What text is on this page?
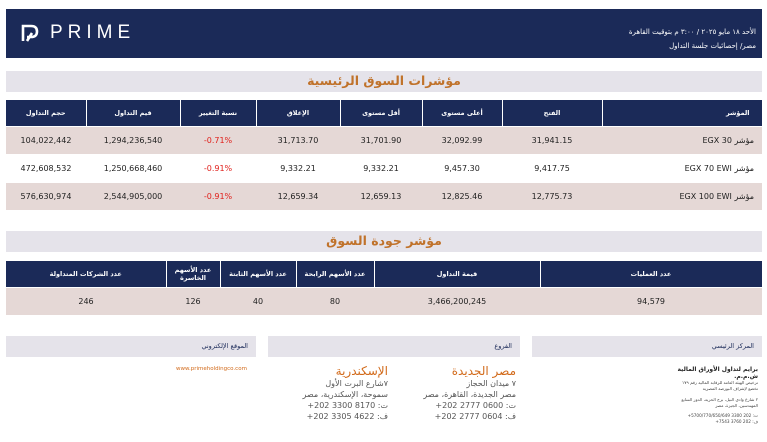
PRIME	الأحد ١٨ مايو ٢٠٢٥ / ٣:٠٠ م بتوقيت القاهرة
مصر/ إحصائيات جلسة التداول
مؤشرات السوق الرئيسية
حجم التداول	قيم التداول	نسبة التغيير	الإغلاق	أقل مستوى	أعلى مستوى	الفتح	المؤشر
104,022,442	1,294,236,540	-0.71%	31,713.70	31,701.90	32,092.99	31,941.15	مؤشر EGX 30
472,608,532	1,250,668,460	-0.91%	9,332.21	9,332.21	9,457.30	9,417.75	مؤشر EGX 70 EWI
576,630,974	2,544,905,000	-0.91%	12,659.34	12,659.13	12,825.46	12,775.73	مؤشر EGX 100 EWI
مؤشر جودة السوق
عدد الشركات المتداولة	عدد الأسهم الخاسرة	عدد الأسهم الثابتة	عدد الأسهم الرابحة	قيمة التداول	عدد العمليات
246	126	40	80	3,466,200,245	94,579
الموقع الإلكتروني	الفروع	المركز الرئيسي
www.primeholdingco.com	الإسكندرية
٧شارع البرت الأول
سموحة، الإسكندرية، مصر
ت: 8170 3300 202+
ف: 4622 3305 202+
مصر الجديدة
٧ ميدان الحجاز
مصر الجديدة، القاهرة، مصر
ت: 0600 2777 202+
ف: 0604 2777 202+
برايم لتداول الأوراق المالية ش.م.م.
ترخيص الهيئة العامة للرقابة المالية رقم ١٧٩
تخضع لإشراف البورصة المصرية
٢ شارع وادي النيل، برج الحرية، الدور السابع
المهندسين، الجيزة، مصر
ت: 202 3300 5700/770/650/649+
ف: 202 3760 7543+
